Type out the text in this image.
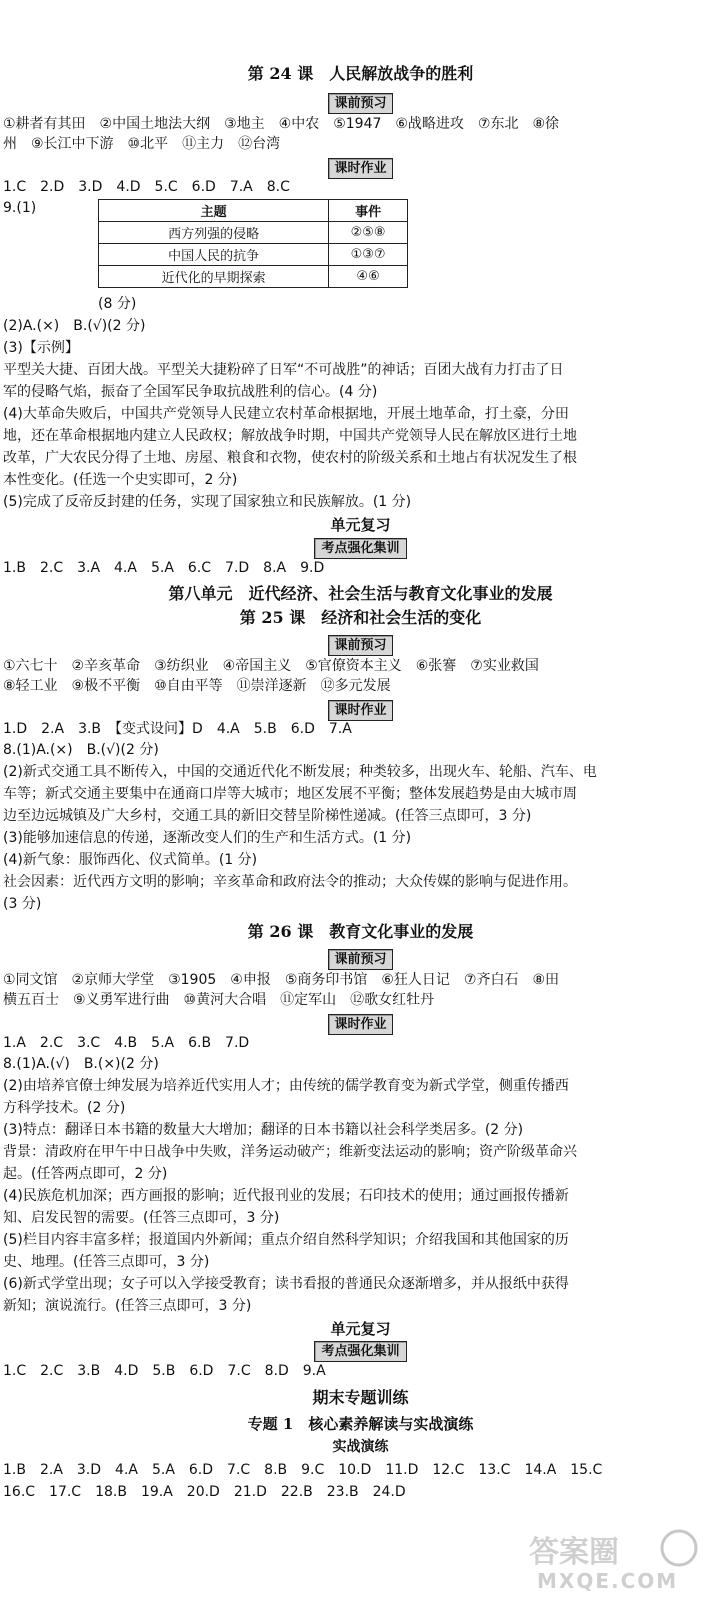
第 24 课　人民解放战争的胜利
课前预习
①耕者有其田　②中国土地法大纲　③地主　④中农　⑤1947　⑥战略进攻　⑦东北　⑧徐
州　⑨长江中下游　⑩北平　⑪主力　⑫台湾
课时作业
1.C　2.D　3.D　4.D　5.C　6.D　7.A　8.C
9.(1)	主题	事件
西方列强的侵略	②⑤⑧
中国人民的抗争	①③⑦
近代化的早期探索	④⑥
(8 分)
(2)A.(×)　B.(√)(2 分)
(3)【示例】
平型关大捷、百团大战。平型关大捷粉碎了日军“不可战胜”的神话；百团大战有力打击了日
军的侵略气焰，振奋了全国军民争取抗战胜利的信心。(4 分)
(4)大革命失败后，中国共产党领导人民建立农村革命根据地，开展土地革命，打土豪，分田
地，还在革命根据地内建立人民政权；解放战争时期，中国共产党领导人民在解放区进行土地
改革，广大农民分得了土地、房屋、粮食和衣物，使农村的阶级关系和土地占有状况发生了根
本性变化。(任选一个史实即可，2 分)
(5)完成了反帝反封建的任务，实现了国家独立和民族解放。(1 分)
单元复习
考点强化集训
1.B　2.C　3.A　4.A　5.A　6.C　7.D　8.A　9.D
第八单元　近代经济、社会生活与教育文化事业的发展
第 25 课　经济和社会生活的变化
课前预习
①六七十　②辛亥革命　③纺织业　④帝国主义　⑤官僚资本主义　⑥张謇　⑦实业救国
⑧轻工业　⑨极不平衡　⑩自由平等　⑪崇洋逐新　⑫多元发展
课时作业
1.D　2.A　3.B　【变式设问】D　4.A　5.B　6.D　7.A
8.(1)A.(×)　B.(√)(2 分)
(2)新式交通工具不断传入，中国的交通近代化不断发展；种类较多，出现火车、轮船、汽车、电
车等；新式交通主要集中在通商口岸等大城市；地区发展不平衡；整体发展趋势是由大城市周
边至边远城镇及广大乡村，交通工具的新旧交替呈阶梯性递减。(任答三点即可，3 分)
(3)能够加速信息的传递，逐渐改变人们的生产和生活方式。(1 分)
(4)新气象：服饰西化、仪式简单。(1 分)
社会因素：近代西方文明的影响；辛亥革命和政府法令的推动；大众传媒的影响与促进作用。
(3 分)
第 26 课　教育文化事业的发展
课前预习
①同文馆　②京师大学堂　③1905　④申报　⑤商务印书馆　⑥狂人日记　⑦齐白石　⑧田
横五百士　⑨义勇军进行曲　⑩黄河大合唱　⑪定军山　⑫歌女红牡丹
课时作业
1.A　2.C　3.C　4.B　5.A　6.B　7.D
8.(1)A.(√)　B.(×)(2 分)
(2)由培养官僚士绅发展为培养近代实用人才；由传统的儒学教育变为新式学堂，侧重传播西
方科学技术。(2 分)
(3)特点：翻译日本书籍的数量大大增加；翻译的日本书籍以社会科学类居多。(2 分)
背景：清政府在甲午中日战争中失败，洋务运动破产；维新变法运动的影响；资产阶级革命兴
起。(任答两点即可，2 分)
(4)民族危机加深；西方画报的影响；近代报刊业的发展；石印技术的使用；通过画报传播新
知、启发民智的需要。(任答三点即可，3 分)
(5)栏目内容丰富多样；报道国内外新闻；重点介绍自然科学知识；介绍我国和其他国家的历
史、地理。(任答三点即可，3 分)
(6)新式学堂出现；女子可以入学接受教育；读书看报的普通民众逐渐增多，并从报纸中获得
新知；演说流行。(任答三点即可，3 分)
单元复习
考点强化集训
1.C　2.C　3.B　4.D　5.B　6.D　7.C　8.D　9.A
期末专题训练
专题 1　核心素养解读与实战演练
实战演练
1.B　2.A　3.D　4.A　5.A　6.D　7.C　8.B　9.C　10.D　11.D　12.C　13.C　14.A　15.C
16.C　17.C　18.B　19.A　20.D　21.D　22.B　23.B　24.D
答案圈
MXQE.COM
